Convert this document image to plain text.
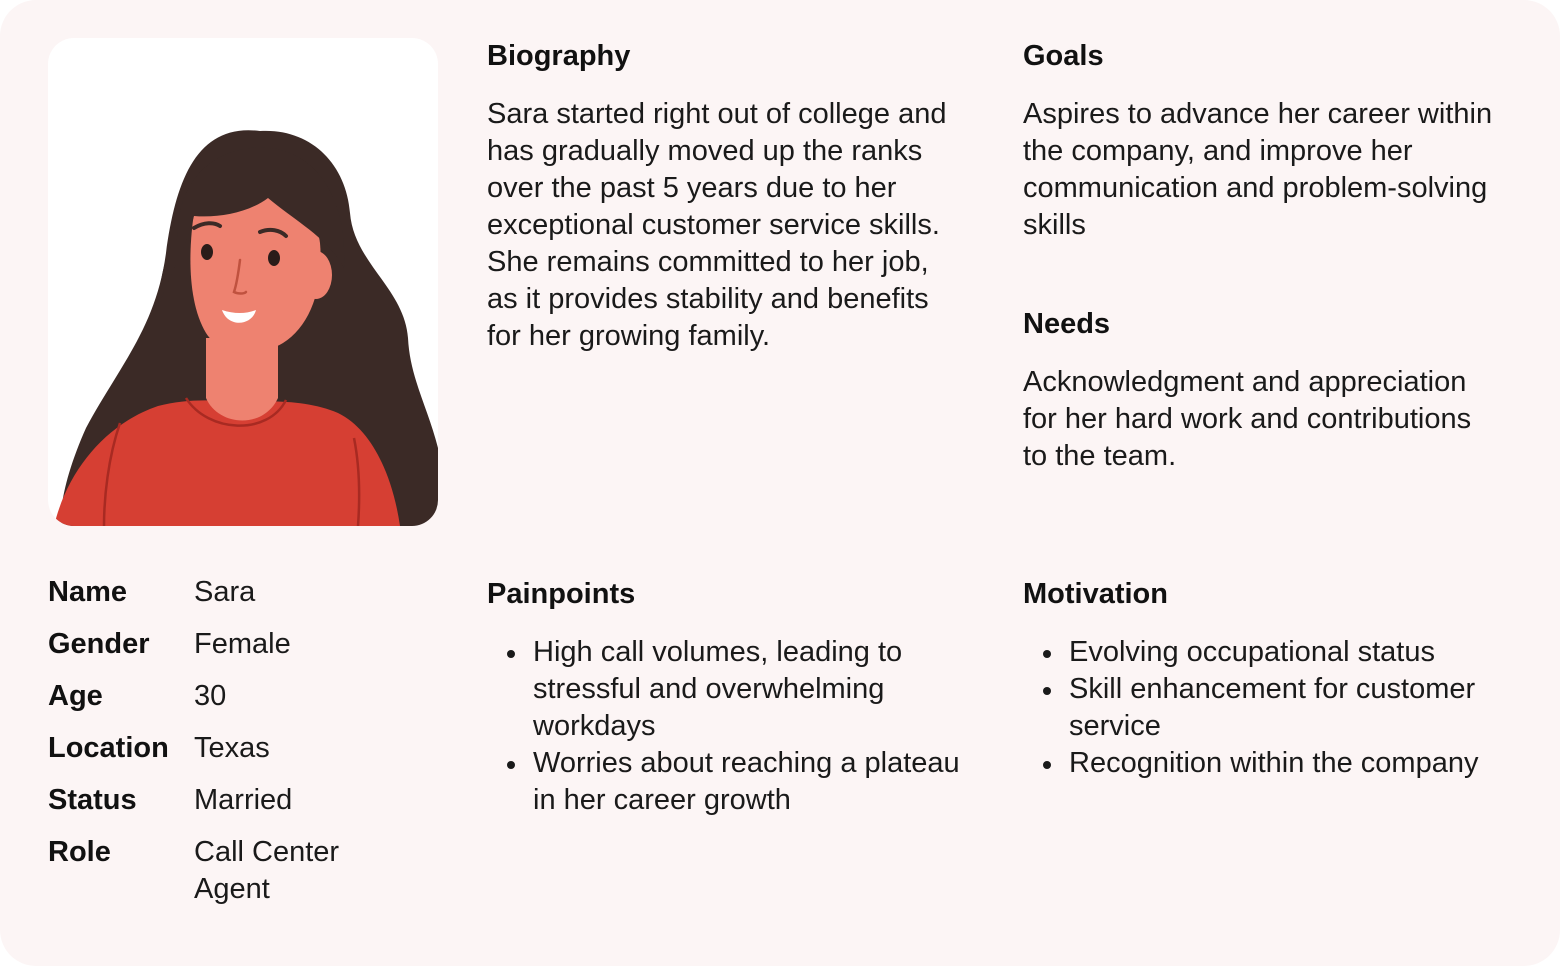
Name	Sara
Gender	Female
Age	30
Location Texas
Status	Married
Role	Call Center Agent
Biography

Sara started right out of college and has gradually moved up the ranks over the past 5 years due to her exceptional customer service skills. She remains committed to her job, as it provides stability and benefits for her growing family.

Goals

Aspires to advance her career within the company, and improve her communication and problem-solving skills

Needs

Acknowledgment and appreciation for her hard work and contributions to the team.

Painpoints
High call volumes, leading to stressful and overwhelming workdays
Worries about reaching a plateau in her career growth
Motivation
Evolving occupational status
Skill enhancement for customer service
Recognition within the company
